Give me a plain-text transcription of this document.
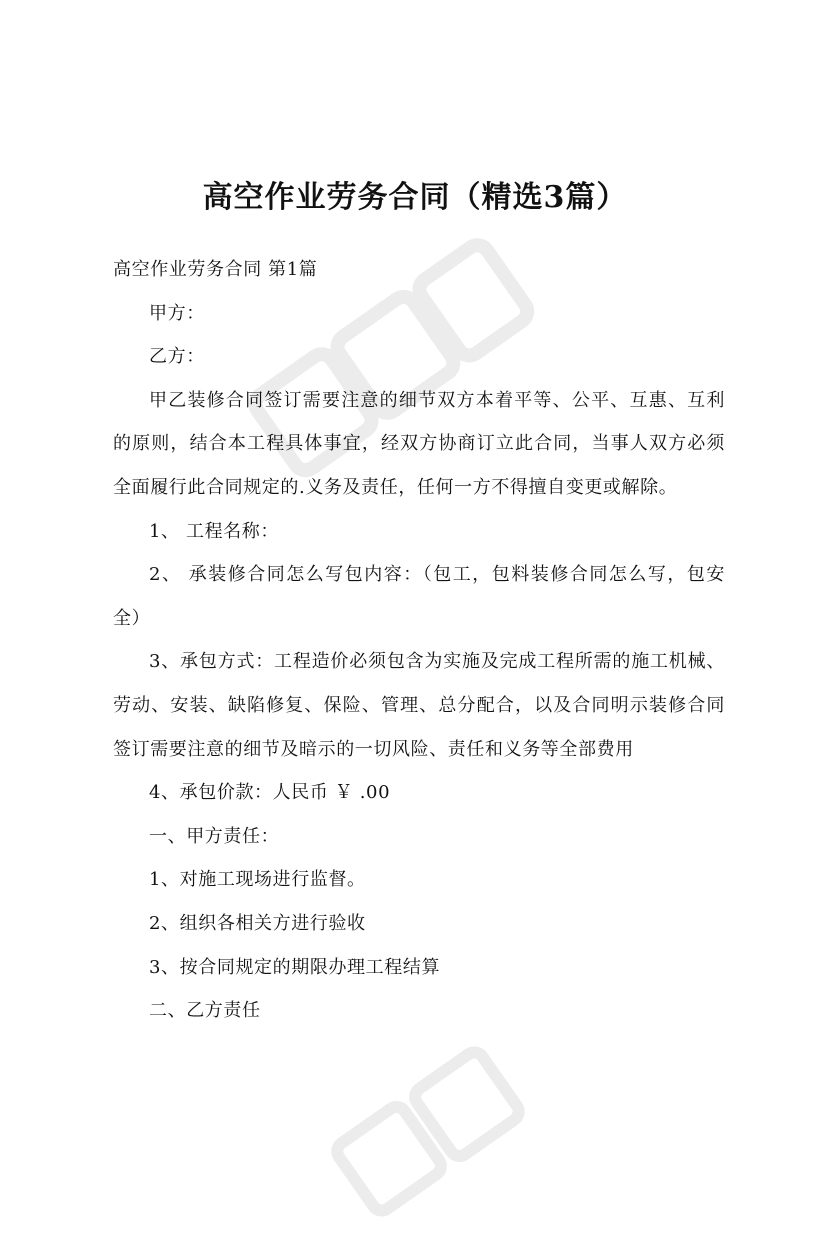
高空作业劳务合同（精选3篇）

高空作业劳务合同 第1篇

甲方：

乙方：

甲乙装修合同签订需要注意的细节双方本着平等、公平、互惠、互利的原则，结合本工程具体事宜，经双方协商订立此合同，当事人双方必须全面履行此合同规定的.义务及责任，任何一方不得擅自变更或解除。

1、 工程名称：

2、 承装修合同怎么写包内容：（包工，包料装修合同怎么写，包安全）

3、承包方式：工程造价必须包含为实施及完成工程所需的施工机械、劳动、安装、缺陷修复、保险、管理、总分配合，以及合同明示装修合同签订需要注意的细节及暗示的一切风险、责任和义务等全部费用

4、承包价款：人民币 ￥ .00

一、甲方责任：

1、对施工现场进行监督。

2、组织各相关方进行验收

3、按合同规定的期限办理工程结算

二、乙方责任
